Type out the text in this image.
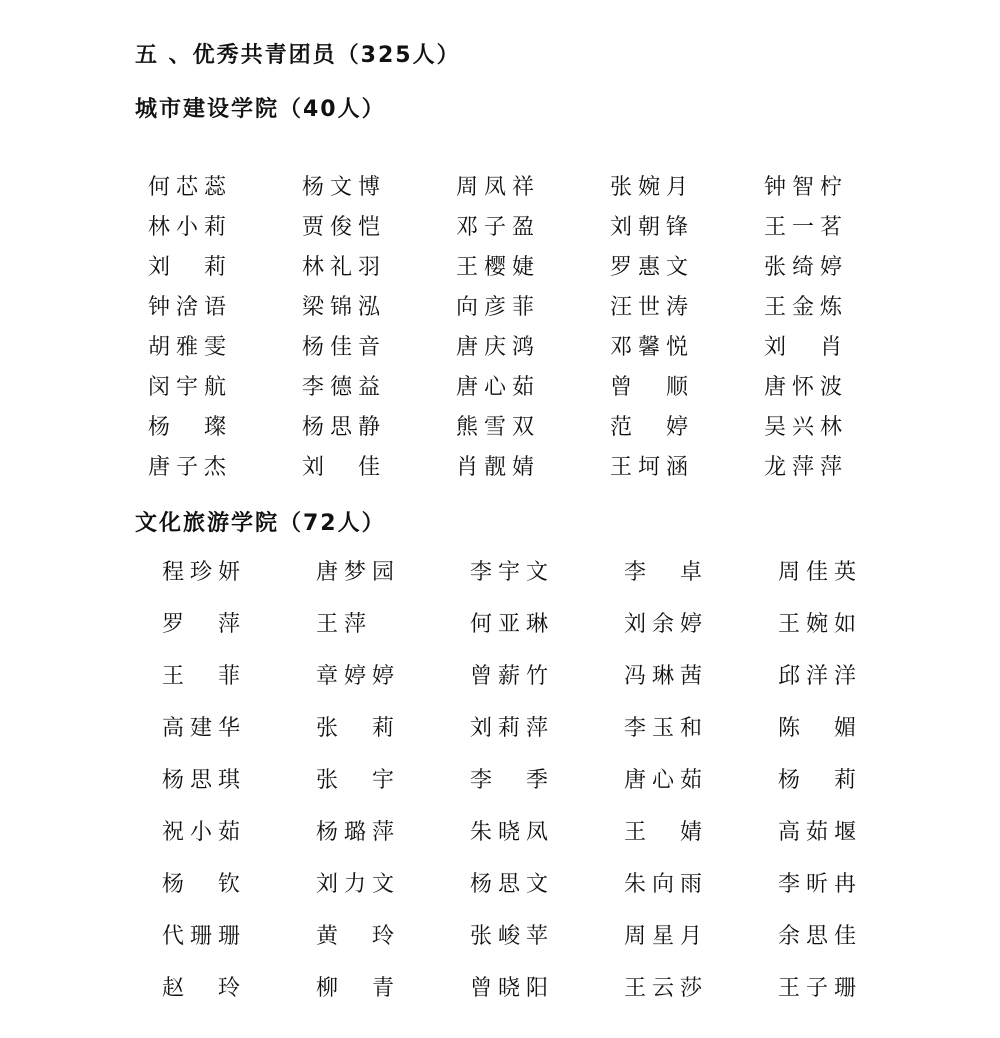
五 、优秀共青团员（325人）
城市建设学院（40人）
何芯蕊	杨文博	周凤祥	张婉月	钟智柠
林小莉	贾俊恺	邓子盈	刘朝锋	王一茗
刘　莉	林礼羽	王樱婕	罗惠文	张绮婷
钟涻语	梁锦泓	向彦菲	汪世涛	王金炼
胡雅雯	杨佳音	唐庆鸿	邓馨悦	刘　肖
闵宇航	李德益	唐心茹	曾　顺	唐怀波
杨　璨	杨思静	熊雪双	范　婷	吴兴林
唐子杰	刘　佳	肖靓婧	王坷涵	龙萍萍
文化旅游学院（72人）
程珍妍	唐梦园	李宇文	李　卓	周佳英
罗　萍	王萍	何亚琳	刘余婷	王婉如
王　菲	章婷婷	曾薪竹	冯琳茜	邱洋洋
高建华	张　莉	刘莉萍	李玉和	陈　媚
杨思琪	张　宇	李　季	唐心茹	杨　莉
祝小茹	杨璐萍	朱晓凤	王　婧	高茹堰
杨　钦	刘力文	杨思文	朱向雨	李昕冉
代珊珊	黄　玲	张峻苹	周星月	余思佳
赵　玲	柳　青	曾晓阳	王云莎	王子珊
